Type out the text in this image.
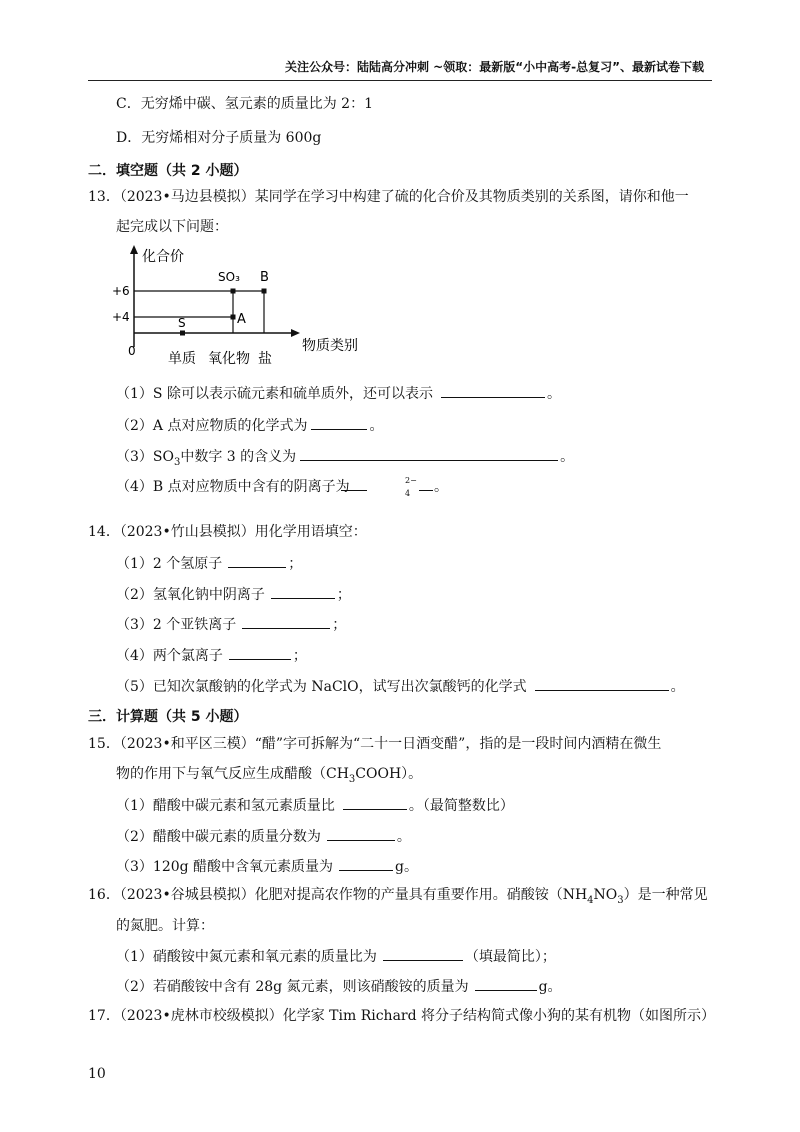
关注公众号：陆陆高分冲刺 ~领取：最新版“小中高考-总复习”、最新试卷下载
C．无穷烯中碳、氢元素的质量比为 2：1
D．无穷烯相对分子质量为 600g
二．填空题（共 2 小题）
13．（2023•马边县模拟）某同学在学习中构建了硫的化合价及其物质类别的关系图，请你和他一
起完成以下问题：
化合价
+6
+4
0
S
SO₃
A
B
单质 氧化物 盐
物质类别
（1）S 除可以表示硫元素和硫单质外，还可以表示	。
（2）A 点对应物质的化学式为	。
$(3)SO_3$中数字 3 的含义为	。
（4）B 点对应物质中含有的阴离子为	2−
4 。
14．（2023•竹山县模拟）用化学用语填空：
（1）2 个氢原子	；
（2）氢氧化钠中阴离子	；
（3）2 个亚铁离子	；
（4）两个氯离子	；
（5）已知次氯酸钠的化学式为 NaClO，试写出次氯酸钙的化学式	。
三．计算题（共 5 小题）
15．（2023•和平区三模）“醋”字可拆解为“二十一日酒变醋”，指的是一段时间内酒精在微生
物的作用下与氧气反应生成醋酸$(CH_3COOH)$。
（1）醋酸中碳元素和氢元素质量比	。（最简整数比）
（2）醋酸中碳元素的质量分数为	。
（3）120g 醋酸中含氧元素质量为	g。
16．（2023•谷城县模拟）化肥对提高农作物的产量具有重要作用。硝酸铵$(NH_4NO_3)$是一种常见
的氮肥。计算：
（1）硝酸铵中氮元素和氧元素的质量比为	（填最简比）；
（2）若硝酸铵中含有 28g 氮元素，则该硝酸铵的质量为	g。
17．（2023•虎林市校级模拟）化学家 Tim Richard 将分子结构简式像小狗的某有机物（如图所示）
10
